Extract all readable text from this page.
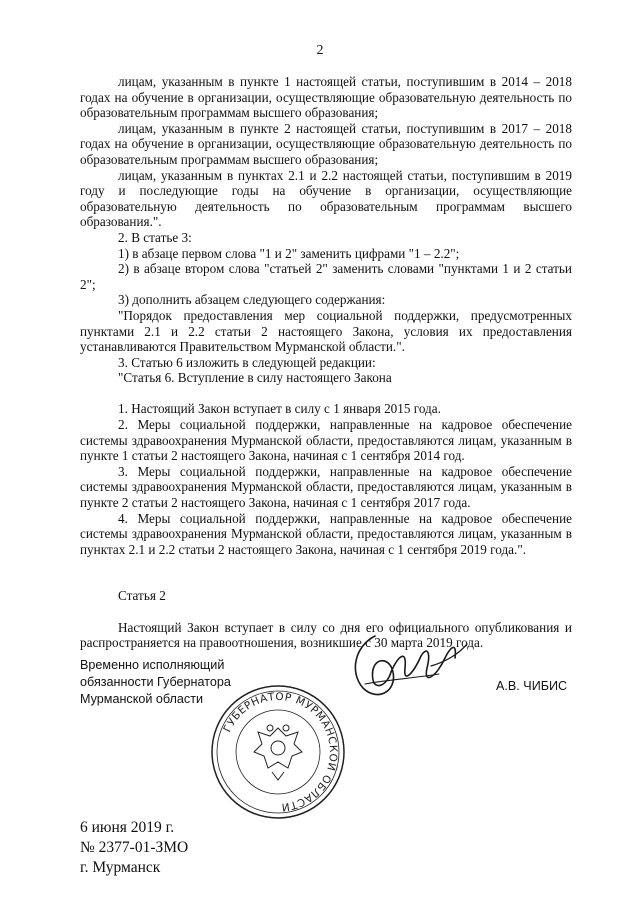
2

лицам, указанным в пункте 1 настоящей статьи, поступившим в 2014 – 2018 годах на обучение в организации, осуществляющие образовательную деятельность по образовательным программам высшего образования;

лицам, указанным в пункте 2 настоящей статьи, поступившим в 2017 – 2018 годах на обучение в организации, осуществляющие образовательную деятельность по образовательным программам высшего образования;

лицам, указанным в пунктах 2.1 и 2.2 настоящей статьи, поступившим в 2019 году и последующие годы на обучение в организации, осуществляющие образовательную деятельность по образовательным программам высшего образования.".

2. В статье 3:

1) в абзаце первом слова "1 и 2" заменить цифрами "1 – 2.2";

2) в абзаце втором слова "статьей 2" заменить словами "пунктами 1 и 2 статьи 2";

3) дополнить абзацем следующего содержания:

"Порядок предоставления мер социальной поддержки, предусмотренных пунктами 2.1 и 2.2 статьи 2 настоящего Закона, условия их предоставления устанавливаются Правительством Мурманской области.".

3. Статью 6 изложить в следующей редакции:

"Статья 6. Вступление в силу настоящего Закона

1. Настоящий Закон вступает в силу с 1 января 2015 года.

2. Меры социальной поддержки, направленные на кадровое обеспечение системы здравоохранения Мурманской области, предоставляются лицам, указанным в пункте 1 статьи 2 настоящего Закона, начиная с 1 сентября 2014 год.

3. Меры социальной поддержки, направленные на кадровое обеспечение системы здравоохранения Мурманской области, предоставляются лицам, указанным в пункте 2 статьи 2 настоящего Закона, начиная с 1 сентября 2017 года.

4. Меры социальной поддержки, направленные на кадровое обеспечение системы здравоохранения Мурманской области, предоставляются лицам, указанным в пунктах 2.1 и 2.2 статьи 2 настоящего Закона, начиная с 1 сентября 2019 года.".

Статья 2

Настоящий Закон вступает в силу со дня его официального опубликования и распространяется на правоотношения, возникшие с 30 марта 2019 года.

Временно исполняющий
обязанности Губернатора
Мурманской области
А.В. ЧИБИС
ГУБЕРНАТОР МУРМАНСКОЙ ОБЛАСТИ
6 июня 2019 г.
№ 2377-01-ЗМО
г. Мурманск
